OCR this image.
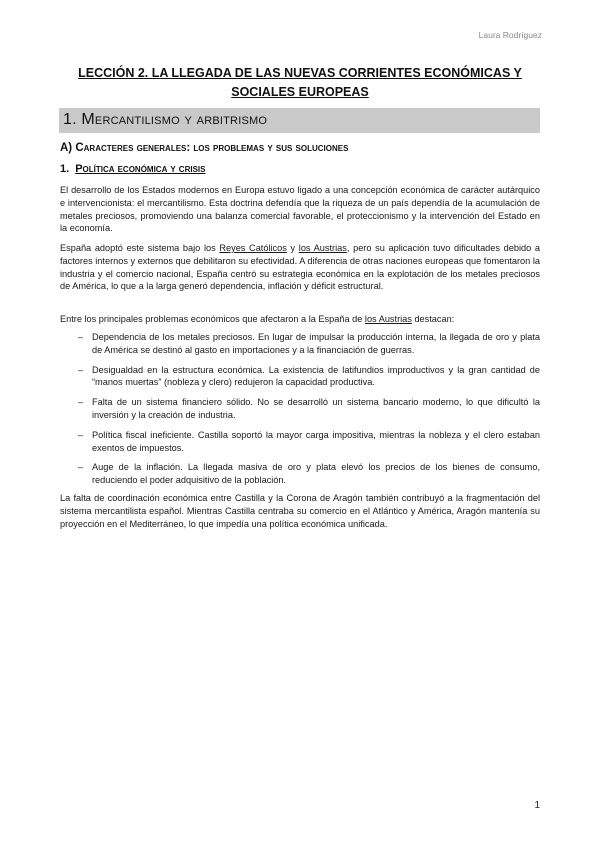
Laura Rodríguez
LECCIÓN 2. LA LLEGADA DE LAS NUEVAS CORRIENTES ECONÓMICAS Y
SOCIALES EUROPEAS
1. Mercantilismo y arbitrismo
A) Caracteres generales: los problemas y sus soluciones
1. Política económica y crisis
El desarrollo de los Estados modernos en Europa estuvo ligado a una concepción económica de carácter autárquico e intervencionista: el mercantilismo. Esta doctrina defendía que la riqueza de un país dependía de la acumulación de metales preciosos, promoviendo una balanza comercial favorable, el proteccionismo y la intervención del Estado en la economía.
España adoptó este sistema bajo los Reyes Católicos y los Austrias, pero su aplicación tuvo dificultades debido a factores internos y externos que debilitaron su efectividad. A diferencia de otras naciones europeas que fomentaron la industria y el comercio nacional, España centró su estrategia económica en la explotación de los metales preciosos de América, lo que a la larga generó dependencia, inflación y déficit estructural.
Entre los principales problemas económicos que afectaron a la España de los Austrias destacan:
– Dependencia de los metales preciosos. En lugar de impulsar la producción interna, la llegada de oro y plata de América se destinó al gasto en importaciones y a la financiación de guerras.
– Desigualdad en la estructura económica. La existencia de latifundios improductivos y la gran cantidad de “manos muertas” (nobleza y clero) redujeron la capacidad productiva.
– Falta de un sistema financiero sólido. No se desarrolló un sistema bancario moderno, lo que dificultó la inversión y la creación de industria.
– Política fiscal ineficiente. Castilla soportó la mayor carga impositiva, mientras la nobleza y el clero estaban exentos de impuestos.
– Auge de la inflación. La llegada masiva de oro y plata elevó los precios de los bienes de consumo, reduciendo el poder adquisitivo de la población.
La falta de coordinación económica entre Castilla y la Corona de Aragón también contribuyó a la fragmentación del sistema mercantilista español. Mientras Castilla centraba su comercio en el Atlántico y América, Aragón mantenía su proyección en el Mediterráneo, lo que impedía una política económica unificada.
1
